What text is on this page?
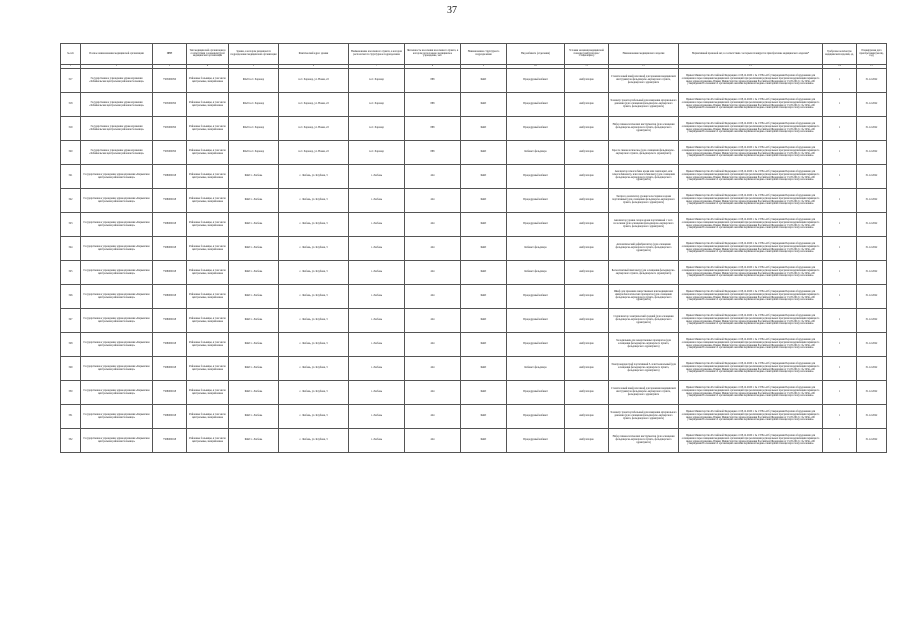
37
№ п/п	Полное наименование медицинской организации	ИНН	Тип медицинской организации в соответствии с номенклатурой медицинской организации	Здание, в котором размещается подразделение медицинской организации	Фактический адрес здания	Наименование населенного пункта, в котором располагается структурное подразделение	Численность населения населенного пункта, в котором расположено медицинское учреждение, чел.	Наименование структурного подразделения	Вид кабинета (отделения)	Условия оказания медицинской помощи (Амбулаторно/Стационарно)	Наименование медицинского изделия	Нормативный правовой акт, в соответствии с которым планируется приобретение медицинского изделия*	Требуемое количество медицинских изделий, ед.	Планируемая дата приобретения (месяц, год)
1	2	3	4	5	6	7	8	9	10	11	12	13	14	15
317	Государственное учреждение здравоохранения «Забайкальская центральная районная больница»	7505000050	Районные больницы, в том числе центральные, межрайонные	ФАП п.ст. Харанор	п.ст. Харанор, ул. Новая, 22	п.ст. Харанор	888	ФАП	Процедурный кабинет	Амбулаторно	Стоматоловый шкаф или шкаф для хранения медицинских инструментов фельдшерско-акушерского пункта, фельдшерского здравпункта	Приказ Министерства Российской Федерации от 08.12.2020 г. № 1378н «Об утверждении Перечня оборудования для оснащения и переоснащения медицинских организаций при реализации региональных программ модернизации первичного звена здравоохранения» Приказ Министерства здравоохранения Российской Федерации от 15.05.2012 г. № 543н «Об утверждении Положения об организации оказания первичной медико-санитарной помощи взрослому населению»	1	31.12.2022
318	Государственное учреждение здравоохранения «Забайкальская центральная районная больница»	7505000050	Районные больницы, в том числе центральные, межрайонные	ФАП п.ст. Харанор	п.ст. Харанор, ул. Новая, 22	п.ст. Харанор	888	ФАП	Процедурный кабинет	Амбулаторно	Тонометр транспортабельный для измерения артериального давления (для оснащения фельдшерско-акушерского пункта, фельдшерского здравпункта)	Приказ Министерства Российской Федерации от 08.12.2020 г. № 1378н «Об утверждении Перечня оборудования для оснащения и переоснащения медицинских организаций при реализации региональных программ модернизации первичного звена здравоохранения» Приказ Министерства здравоохранения Российской Федерации от 15.05.2012 г. № 543н «Об утверждении Положения об организации оказания первичной медико-санитарной помощи взрослому населению»	1	31.12.2022
319	Государственное учреждение здравоохранения «Забайкальская центральная районная больница»	7505000050	Районные больницы, в том числе центральные, межрайонные	ФАП п.ст. Харанор	п.ст. Харанор, ул. Новая, 22	п.ст. Харанор	888	ФАП	Процедурный кабинет	Амбулаторно	Набор гинекологических инструментов (для оснащения фельдшерско-акушерского пункта, фельдшерского здравпункта)	Приказ Министерства Российской Федерации от 08.12.2020 г. № 1378н «Об утверждении Перечня оборудования для оснащения и переоснащения медицинских организаций при реализации региональных программ модернизации первичного звена здравоохранения» Приказ Министерства здравоохранения Российской Федерации от 15.05.2012 г. № 543н «Об утверждении Положения об организации оказания первичной медико-санитарной помощи взрослому населению»	1	31.12.2022
320	Государственное учреждение здравоохранения «Забайкальская центральная районная больница»	7505000050	Районные больницы, в том числе центральные, межрайонные	ФАП п.ст. Харанор	п.ст. Харанор, ул. Новая, 22	п.ст. Харанор	888	ФАП	Кабинет фельдшера	Амбулаторно	Кресло гинекологическое (для оснащения фельдшерско-акушерского пункта, фельдшерского здравпункта)	Приказ Министерства Российской Федерации от 08.12.2020 г. № 1378н «Об утверждении Перечня оборудования для оснащения и переоснащения медицинских организаций при реализации региональных программ модернизации первичного звена здравоохранения» Приказ Министерства здравоохранения Российской Федерации от 15.05.2012 г. № 543н «Об утверждении Положения об организации оказания первичной медико-санитарной помощи взрослому населению»	1	31.12.2022
321	Государственное учреждение здравоохранения «Карымская центральная районная больница»	7508000018	Районные больницы, в том числе центральные, межрайонные	ФАП с. Любовь	с. Любовь, ул. Клубная, 3	с. Любовь	424	ФАП	Процедурный кабинет	Амбулаторно	Анализатор гемоглобина крови или гематокрит, или гемоглобинометр, или гемоглобинометр (для оснащения фельдшерско-акушерского пункта, фельдшерского здравпункта)	Приказ Министерства Российской Федерации от 08.12.2020 г. № 1378н «Об утверждении Перечня оборудования для оснащения и переоснащения медицинских организаций при реализации региональных программ модернизации первичного звена здравоохранения» Приказ Министерства здравоохранения Российской Федерации от 15.05.2012 г. № 543н «Об утверждении Положения об организации оказания первичной медико-санитарной помощи взрослому населению»	1	31.12.2022
322	Государственное учреждение здравоохранения «Карымская центральная районная больница»	7508000018	Районные больницы, в том числе центральные, межрайонные	ФАП с. Любовь	с. Любовь, ул. Клубная, 3	с. Любовь	424	ФАП	Процедурный кабинет	Амбулаторно	Экспресс-анализатор уровня холестерина в крови портативный (для оснащения фельдшерско-акушерского пункта, фельдшерского здравпункта)	Приказ Министерства Российской Федерации от 08.12.2020 г. № 1378н «Об утверждении Перечня оборудования для оснащения и переоснащения медицинских организаций при реализации региональных программ модернизации первичного звена здравоохранения» Приказ Министерства здравоохранения Российской Федерации от 15.05.2012 г. № 543н «Об утверждении Положения об организации оказания первичной медико-санитарной помощи взрослому населению»	1	31.12.2022
323	Государственное учреждение здравоохранения «Карымская центральная районная больница»	7508000018	Районные больницы, в том числе центральные, межрайонные	ФАП с. Любовь	с. Любовь, ул. Клубная, 3	с. Любовь	424	ФАП	Процедурный кабинет	Амбулаторно	Анализатор уровня сахара крови портативный с тест-полосками (для оснащения фельдшерско-акушерского пункта, фельдшерского здравпункта)	Приказ Министерства Российской Федерации от 08.12.2020 г. № 1378н «Об утверждении Перечня оборудования для оснащения и переоснащения медицинских организаций при реализации региональных программ модернизации первичного звена здравоохранения» Приказ Министерства здравоохранения Российской Федерации от 15.05.2012 г. № 543н «Об утверждении Положения об организации оказания первичной медико-санитарной помощи взрослому населению»	1	31.12.2022
324	Государственное учреждение здравоохранения «Карымская центральная районная больница»	7508000018	Районные больницы, в том числе центральные, межрайонные	ФАП с. Любовь	с. Любовь, ул. Клубная, 3	с. Любовь	424	ФАП	Кабинет фельдшера	Амбулаторно	Автоматический дефибриллятор (для оснащения фельдшерско-акушерского пункта, фельдшерского здравпункта)	Приказ Министерства Российской Федерации от 08.12.2020 г. № 1378н «Об утверждении Перечня оборудования для оснащения и переоснащения медицинских организаций при реализации региональных программ модернизации первичного звена здравоохранения» Приказ Министерства здравоохранения Российской Федерации от 15.05.2012 г. № 543н «Об утверждении Положения об организации оказания первичной медико-санитарной помощи взрослому населению»	1	31.12.2022
325	Государственное учреждение здравоохранения «Карымская центральная районная больница»	7508000018	Районные больницы, в том числе центральные, межрайонные	ФАП с. Любовь	с. Любовь, ул. Клубная, 3	с. Любовь	424	ФАП	Кабинет фельдшера	Амбулаторно	Бесконтактный пиктометр (для оснащения фельдшерско-акушерского пункта, фельдшерского здравпункта)	Приказ Министерства Российской Федерации от 08.12.2020 г. № 1378н «Об утверждении Перечня оборудования для оснащения и переоснащения медицинских организаций при реализации региональных программ модернизации первичного звена здравоохранения» Приказ Министерства здравоохранения Российской Федерации от 15.05.2012 г. № 543н «Об утверждении Положения об организации оказания первичной медико-санитарной помощи взрослому населению»	1	31.12.2022
326	Государственное учреждение здравоохранения «Карымская центральная районная больница»	7508000018	Районные больницы, в том числе центральные, межрайонные	ФАП с. Любовь	с. Любовь, ул. Клубная, 3	с. Любовь	424	ФАП	Процедурный кабинет	Амбулаторно	Шкаф для хранения лекарственных или медицинских иммунобиологических препаратов (для оснащения фельдшерско-акушерского пункта, фельдшерского здравпункта)	Приказ Министерства Российской Федерации от 08.12.2020 г. № 1378н «Об утверждении Перечня оборудования для оснащения и переоснащения медицинских организаций при реализации региональных программ модернизации первичного звена здравоохранения» Приказ Министерства здравоохранения Российской Федерации от 15.05.2012 г. № 543н «Об утверждении Положения об организации оказания первичной медико-санитарной помощи взрослому населению»	1	31.12.2022
327	Государственное учреждение здравоохранения «Карымская центральная районная больница»	7508000018	Районные больницы, в том числе центральные, межрайонные	ФАП с. Любовь	с. Любовь, ул. Клубная, 3	с. Любовь	424	ФАП	Процедурный кабинет	Амбулаторно	Стерилизатор электрический средний (для оснащения фельдшерско-акушерского пункта, фельдшерского здравпункта)	Приказ Министерства Российской Федерации от 08.12.2020 г. № 1378н «Об утверждении Перечня оборудования для оснащения и переоснащения медицинских организаций при реализации региональных программ модернизации первичного звена здравоохранения» Приказ Министерства здравоохранения Российской Федерации от 15.05.2012 г. № 543н «Об утверждении Положения об организации оказания первичной медико-санитарной помощи взрослому населению»	1	31.12.2022
328	Государственное учреждение здравоохранения «Карымская центральная районная больница»	7508000018	Районные больницы, в том числе центральные, межрайонные	ФАП с. Любовь	с. Любовь, ул. Клубная, 3	с. Любовь	424	ФАП	Процедурный кабинет	Амбулаторно	Холодильник для лекарственных препаратов (для оснащения фельдшерско-акушерского пункта, фельдшерского здравпункта)	Приказ Министерства Российской Федерации от 08.12.2020 г. № 1378н «Об утверждении Перечня оборудования для оснащения и переоснащения медицинских организаций при реализации региональных программ модернизации первичного звена здравоохранения» Приказ Министерства здравоохранения Российской Федерации от 15.05.2012 г. № 543н «Об утверждении Положения об организации оказания первичной медико-санитарной помощи взрослому населению»	1	31.12.2022
329	Государственное учреждение здравоохранения «Карымская центральная районная больница»	7508000018	Районные больницы, в том числе центральные, межрайонные	ФАП с. Любовь	с. Любовь, ул. Клубная, 3	с. Любовь	424	ФАП	Кабинет фельдшера	Амбулаторно	Электрокардиограф портативный 3- или 6-канальный (для оснащения фельдшерско-акушерского пункта, фельдшерского здравпункта)	Приказ Министерства Российской Федерации от 08.12.2020 г. № 1378н «Об утверждении Перечня оборудования для оснащения и переоснащения медицинских организаций при реализации региональных программ модернизации первичного звена здравоохранения» Приказ Министерства здравоохранения Российской Федерации от 15.05.2012 г. № 543н «Об утверждении Положения об организации оказания первичной медико-санитарной помощи взрослому населению»	1	31.12.2022
330	Государственное учреждение здравоохранения «Карымская центральная районная больница»	7508000018	Районные больницы, в том числе центральные, межрайонные	ФАП с. Любовь	с. Любовь, ул. Клубная, 3	с. Любовь	424	ФАП	Процедурный кабинет	Амбулаторно	Стоматоловый шкаф или шкаф для хранения медицинских инструментов фельдшерско-акушерского пункта, фельдшерского здравпункта	Приказ Министерства Российской Федерации от 08.12.2020 г. № 1378н «Об утверждении Перечня оборудования для оснащения и переоснащения медицинских организаций при реализации региональных программ модернизации первичного звена здравоохранения» Приказ Министерства здравоохранения Российской Федерации от 15.05.2012 г. № 543н «Об утверждении Положения об организации оказания первичной медико-санитарной помощи взрослому населению»	1	31.12.2022
331	Государственное учреждение здравоохранения «Карымская центральная районная больница»	7508000018	Районные больницы, в том числе центральные, межрайонные	ФАП с. Любовь	с. Любовь, ул. Клубная, 3	с. Любовь	424	ФАП	Процедурный кабинет	Амбулаторно	Тонометр транспортабельный для измерения артериального давления (для оснащения фельдшерско-акушерского пункта, фельдшерского здравпункта)	Приказ Министерства Российской Федерации от 08.12.2020 г. № 1378н «Об утверждении Перечня оборудования для оснащения и переоснащения медицинских организаций при реализации региональных программ модернизации первичного звена здравоохранения» Приказ Министерства здравоохранения Российской Федерации от 15.05.2012 г. № 543н «Об утверждении Положения об организации оказания первичной медико-санитарной помощи взрослому населению»	1	31.12.2022
332	Государственное учреждение здравоохранения «Карымская центральная районная больница»	7508000018	Районные больницы, в том числе центральные, межрайонные	ФАП с. Любовь	с. Любовь, ул. Клубная, 3	с. Любовь	424	ФАП	Процедурный кабинет	Амбулаторно	Набор гинекологических инструментов (для оснащения фельдшерско-акушерского пункта, фельдшерского здравпункта)	Приказ Министерства Российской Федерации от 08.12.2020 г. № 1378н «Об утверждении Перечня оборудования для оснащения и переоснащения медицинских организаций при реализации региональных программ модернизации первичного звена здравоохранения» Приказ Министерства здравоохранения Российской Федерации от 15.05.2012 г. № 543н «Об утверждении Положения об организации оказания первичной медико-санитарной помощи взрослому населению»	1	31.12.2022
